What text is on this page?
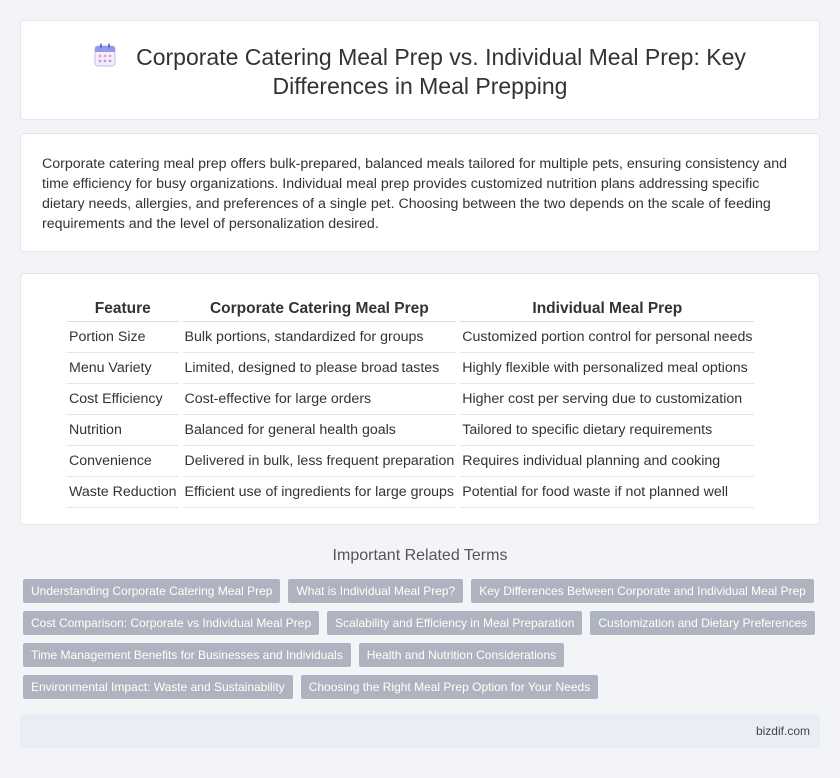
Corporate Catering Meal Prep vs. Individual Meal Prep: Key
Differences in Meal Prepping

Corporate catering meal prep offers bulk-prepared, balanced meals tailored for multiple pets, ensuring consistency and time efficiency for busy organizations. Individual meal prep provides customized nutrition plans addressing specific dietary needs, allergies, and preferences of a single pet. Choosing between the two depends on the scale of feeding requirements and the level of personalization desired.

Feature	Corporate Catering Meal Prep	Individual Meal Prep
Portion Size	Bulk portions, standardized for groups	Customized portion control for personal needs
Menu Variety	Limited, designed to please broad tastes	Highly flexible with personalized meal options
Cost Efficiency	Cost-effective for large orders	Higher cost per serving due to customization
Nutrition	Balanced for general health goals	Tailored to specific dietary requirements
Convenience	Delivered in bulk, less frequent preparation	Requires individual planning and cooking
Waste Reduction	Efficient use of ingredients for large groups	Potential for food waste if not planned well
Important Related Terms
Understanding Corporate Catering Meal Prep	What is Individual Meal Prep?	Key Differences Between Corporate and Individual Meal Prep
Cost Comparison: Corporate vs Individual Meal Prep	Scalability and Efficiency in Meal Preparation	Customization and Dietary Preferences
Time Management Benefits for Businesses and Individuals	Health and Nutrition Considerations
Environmental Impact: Waste and Sustainability	Choosing the Right Meal Prep Option for Your Needs
bizdif.com
